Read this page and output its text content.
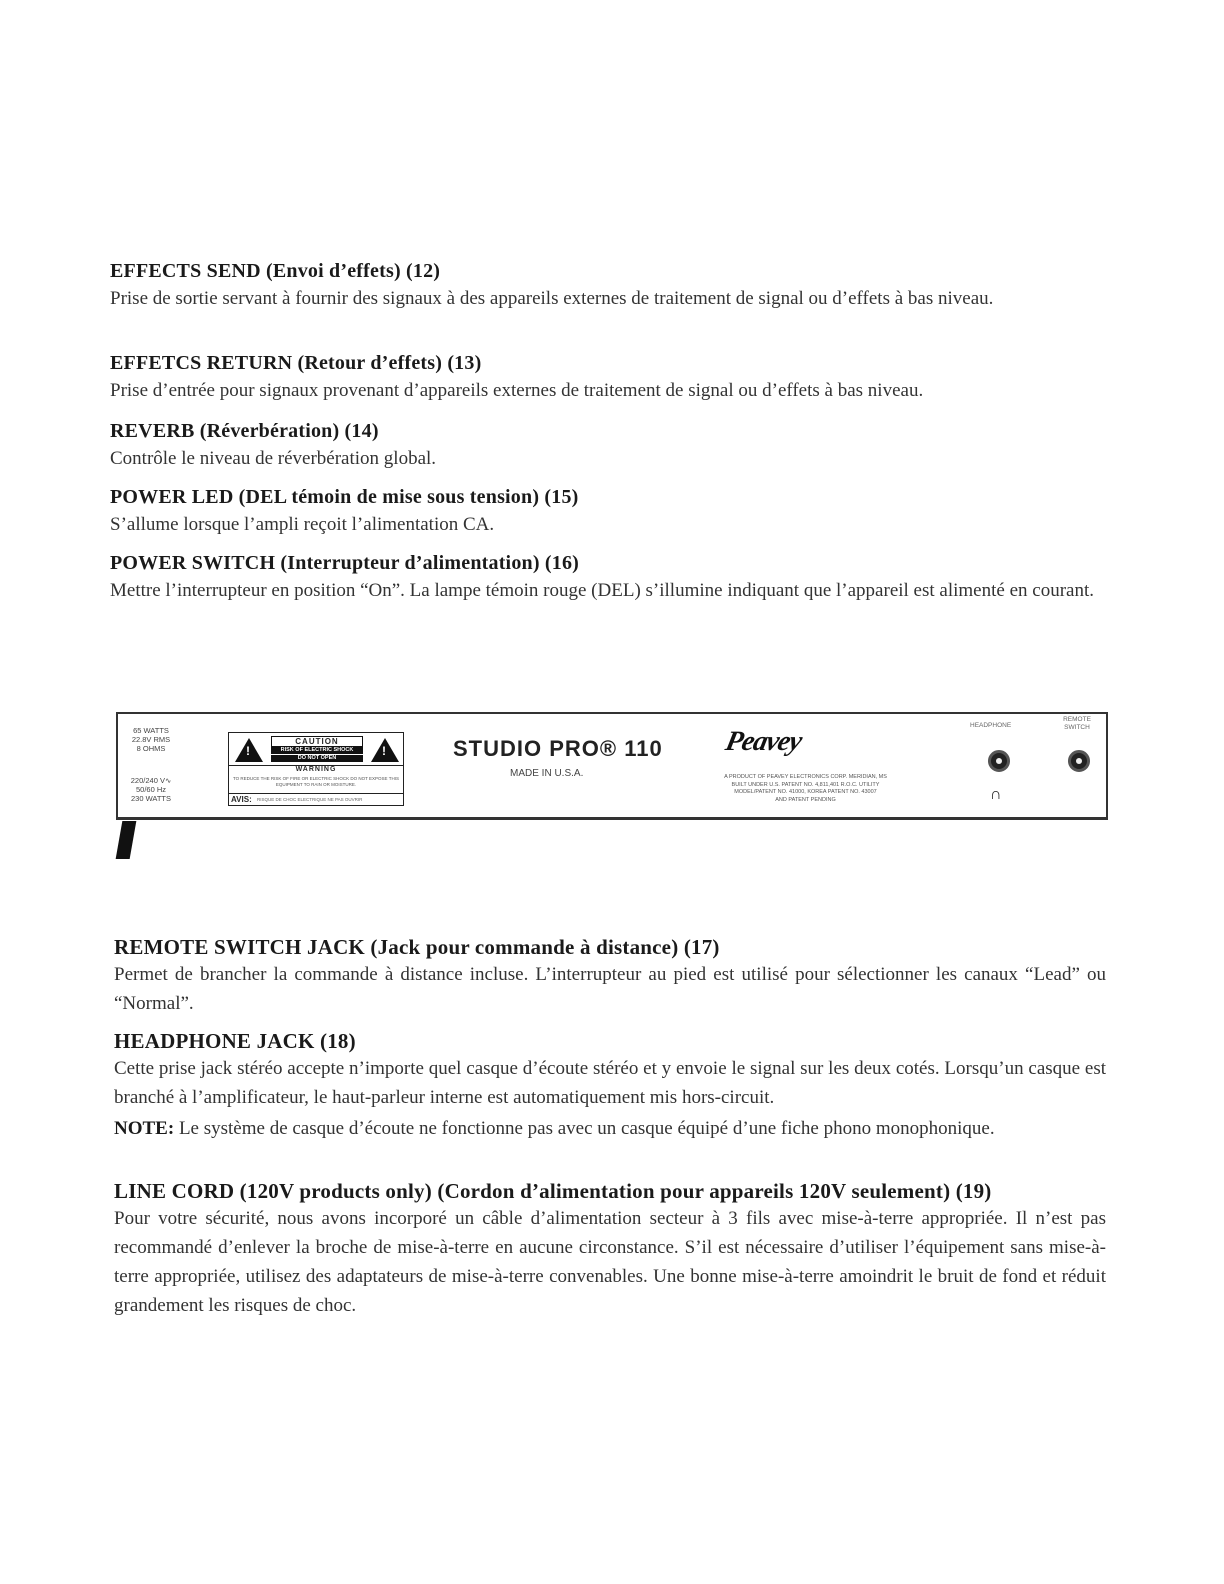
EFFECTS SEND (Envoi d’effets) (12)
Prise de sortie servant à fournir des signaux à des appareils externes de traitement de signal ou d’effets à bas niveau.
EFFETCS RETURN (Retour d’effets) (13)
Prise d’entrée pour signaux provenant d’appareils externes de traitement de signal ou d’effets à bas niveau.
REVERB (Réverbération) (14)
Contrôle le niveau de réverbération global.
POWER LED (DEL témoin de mise sous tension) (15)
S’allume lorsque l’ampli reçoit l’alimentation CA.
POWER SWITCH (Interrupteur d’alimentation) (16)
Mettre l’interrupteur en position “On”. La lampe témoin rouge (DEL) s’illumine indiquant que l’appareil est alimenté en courant.
65 WATTS
22.8V RMS
8 OHMS
220/240 V∿
50/60 Hz
230 WATTS
!	!
CAUTION
RISK OF ELECTRIC SHOCK
DO NOT OPEN
WARNING
TO REDUCE THE RISK OF FIRE OR ELECTRIC SHOCK DO NOT EXPOSE THIS EQUIPMENT TO RAIN OR MOISTURE.
AVIS: RISQUE DE CHOC ELECTRIQUE NE PAS OUVRIR
STUDIO PRO® 110
MADE IN U.S.A.
Peavey
A PRODUCT OF PEAVEY ELECTRONICS CORP. MERIDIAN, MS
BUILT UNDER U.S. PATENT NO. 4,811,401 R.O.C. UTILITY
MODEL/PATENT NO. 41000, KOREA PATENT NO. 43007
AND PATENT PENDING
HEADPHONE
REMOTE SWITCH
∩
REMOTE SWITCH JACK (Jack pour commande à distance) (17)
Permet de brancher la commande à distance incluse. L’interrupteur au pied est utilisé pour sélectionner les canaux “Lead” ou “Normal”.
HEADPHONE JACK (18)
Cette prise jack stéréo accepte n’importe quel casque d’écoute stéréo et y envoie le signal sur les deux cotés. Lorsqu’un casque est branché à l’amplificateur, le haut-parleur interne est automatiquement mis hors-circuit.
NOTE: Le système de casque d’écoute ne fonctionne pas avec un casque équipé d’une fiche phono monophonique.
LINE CORD (120V products only) (Cordon d’alimentation pour appareils 120V seulement) (19)
Pour votre sécurité, nous avons incorporé un câble d’alimentation secteur à 3 fils avec mise-à-terre appropriée. Il n’est pas recommandé d’enlever la broche de mise-à-terre en aucune circonstance. S’il est nécessaire d’utiliser l’équipement sans mise-à-terre appropriée, utilisez des adaptateurs de mise-à-terre convenables. Une bonne mise-à-terre amoindrit le bruit de fond et réduit grandement les risques de choc.
